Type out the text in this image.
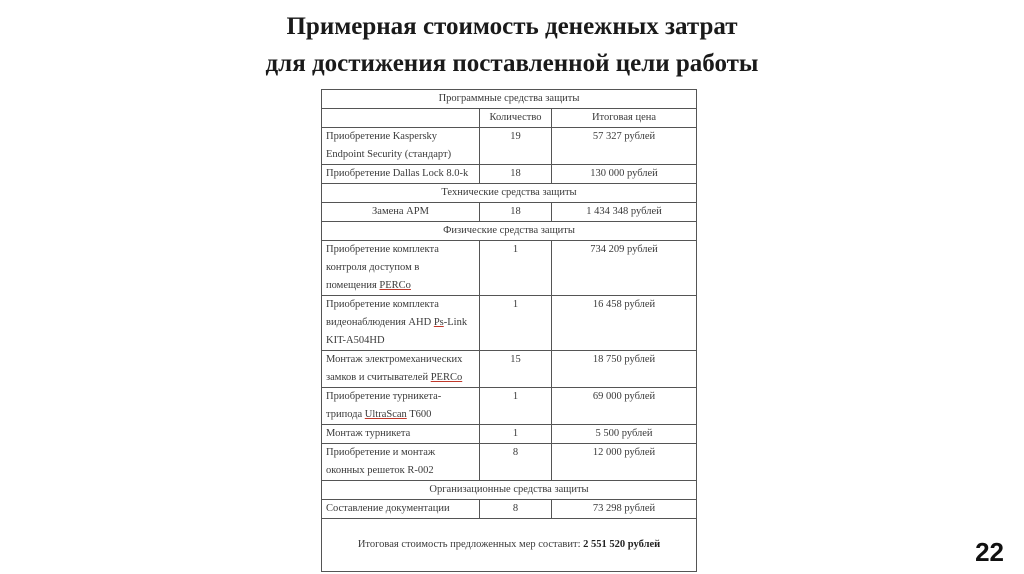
Примерная стоимость денежных затрат
для достижения поставленной цели работы
Программные средства защиты		
	Количество	Итоговая цена
Приобретение Kaspersky
Endpoint Security (стандарт)	19	57 327 рублей
Приобретение Dallas Lock 8.0-k	18	130 000 рублей
Технические средства защиты		
Замена АРМ	18	1 434 348 рублей
Физические средства защиты		
Приобретение комплекта
контроля доступом в
помещения PERCo	1	734 209 рублей
Приобретение комплекта
видеонаблюдения AHD Ps-Link
KIT-A504HD	1	16 458 рублей
Монтаж электромеханических
замков и считывателей PERCo	15	18 750 рублей
Приобретение турникета-
трипода UltraScan T600	1	69 000 рублей
Монтаж турникета	1	5 500 рублей
Приобретение и монтаж
оконных решеток R-002	8	12 000 рублей
Организационные средства защиты		
Составление документации	8	73 298 рублей
Итоговая стоимость предложенных мер составит: 2 551 520 рублей			22
